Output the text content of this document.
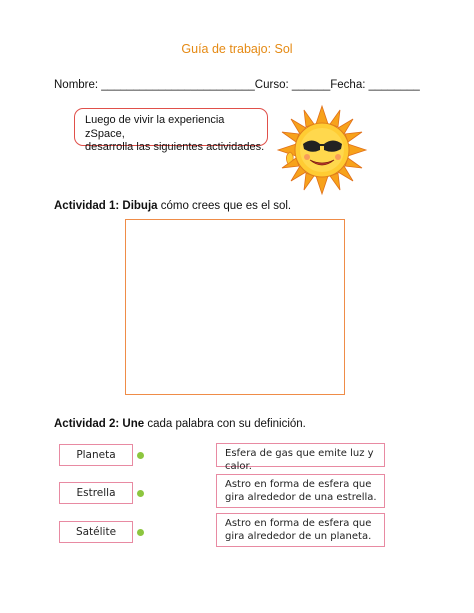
Guía de trabajo: Sol
Nombre: ________________________Curso: ______Fecha: ________
Luego de vivir la experiencia zSpace,
desarrolla las siguientes actividades.
Actividad 1: Dibuja cómo crees que es el sol.
Actividad 2: Une cada palabra con su definición.
Planeta
Estrella
Satélite
Esfera de gas que emite luz y calor.
Astro en forma de esfera que gira alrededor de una estrella.
Astro en forma de esfera que gira alrededor de un planeta.
